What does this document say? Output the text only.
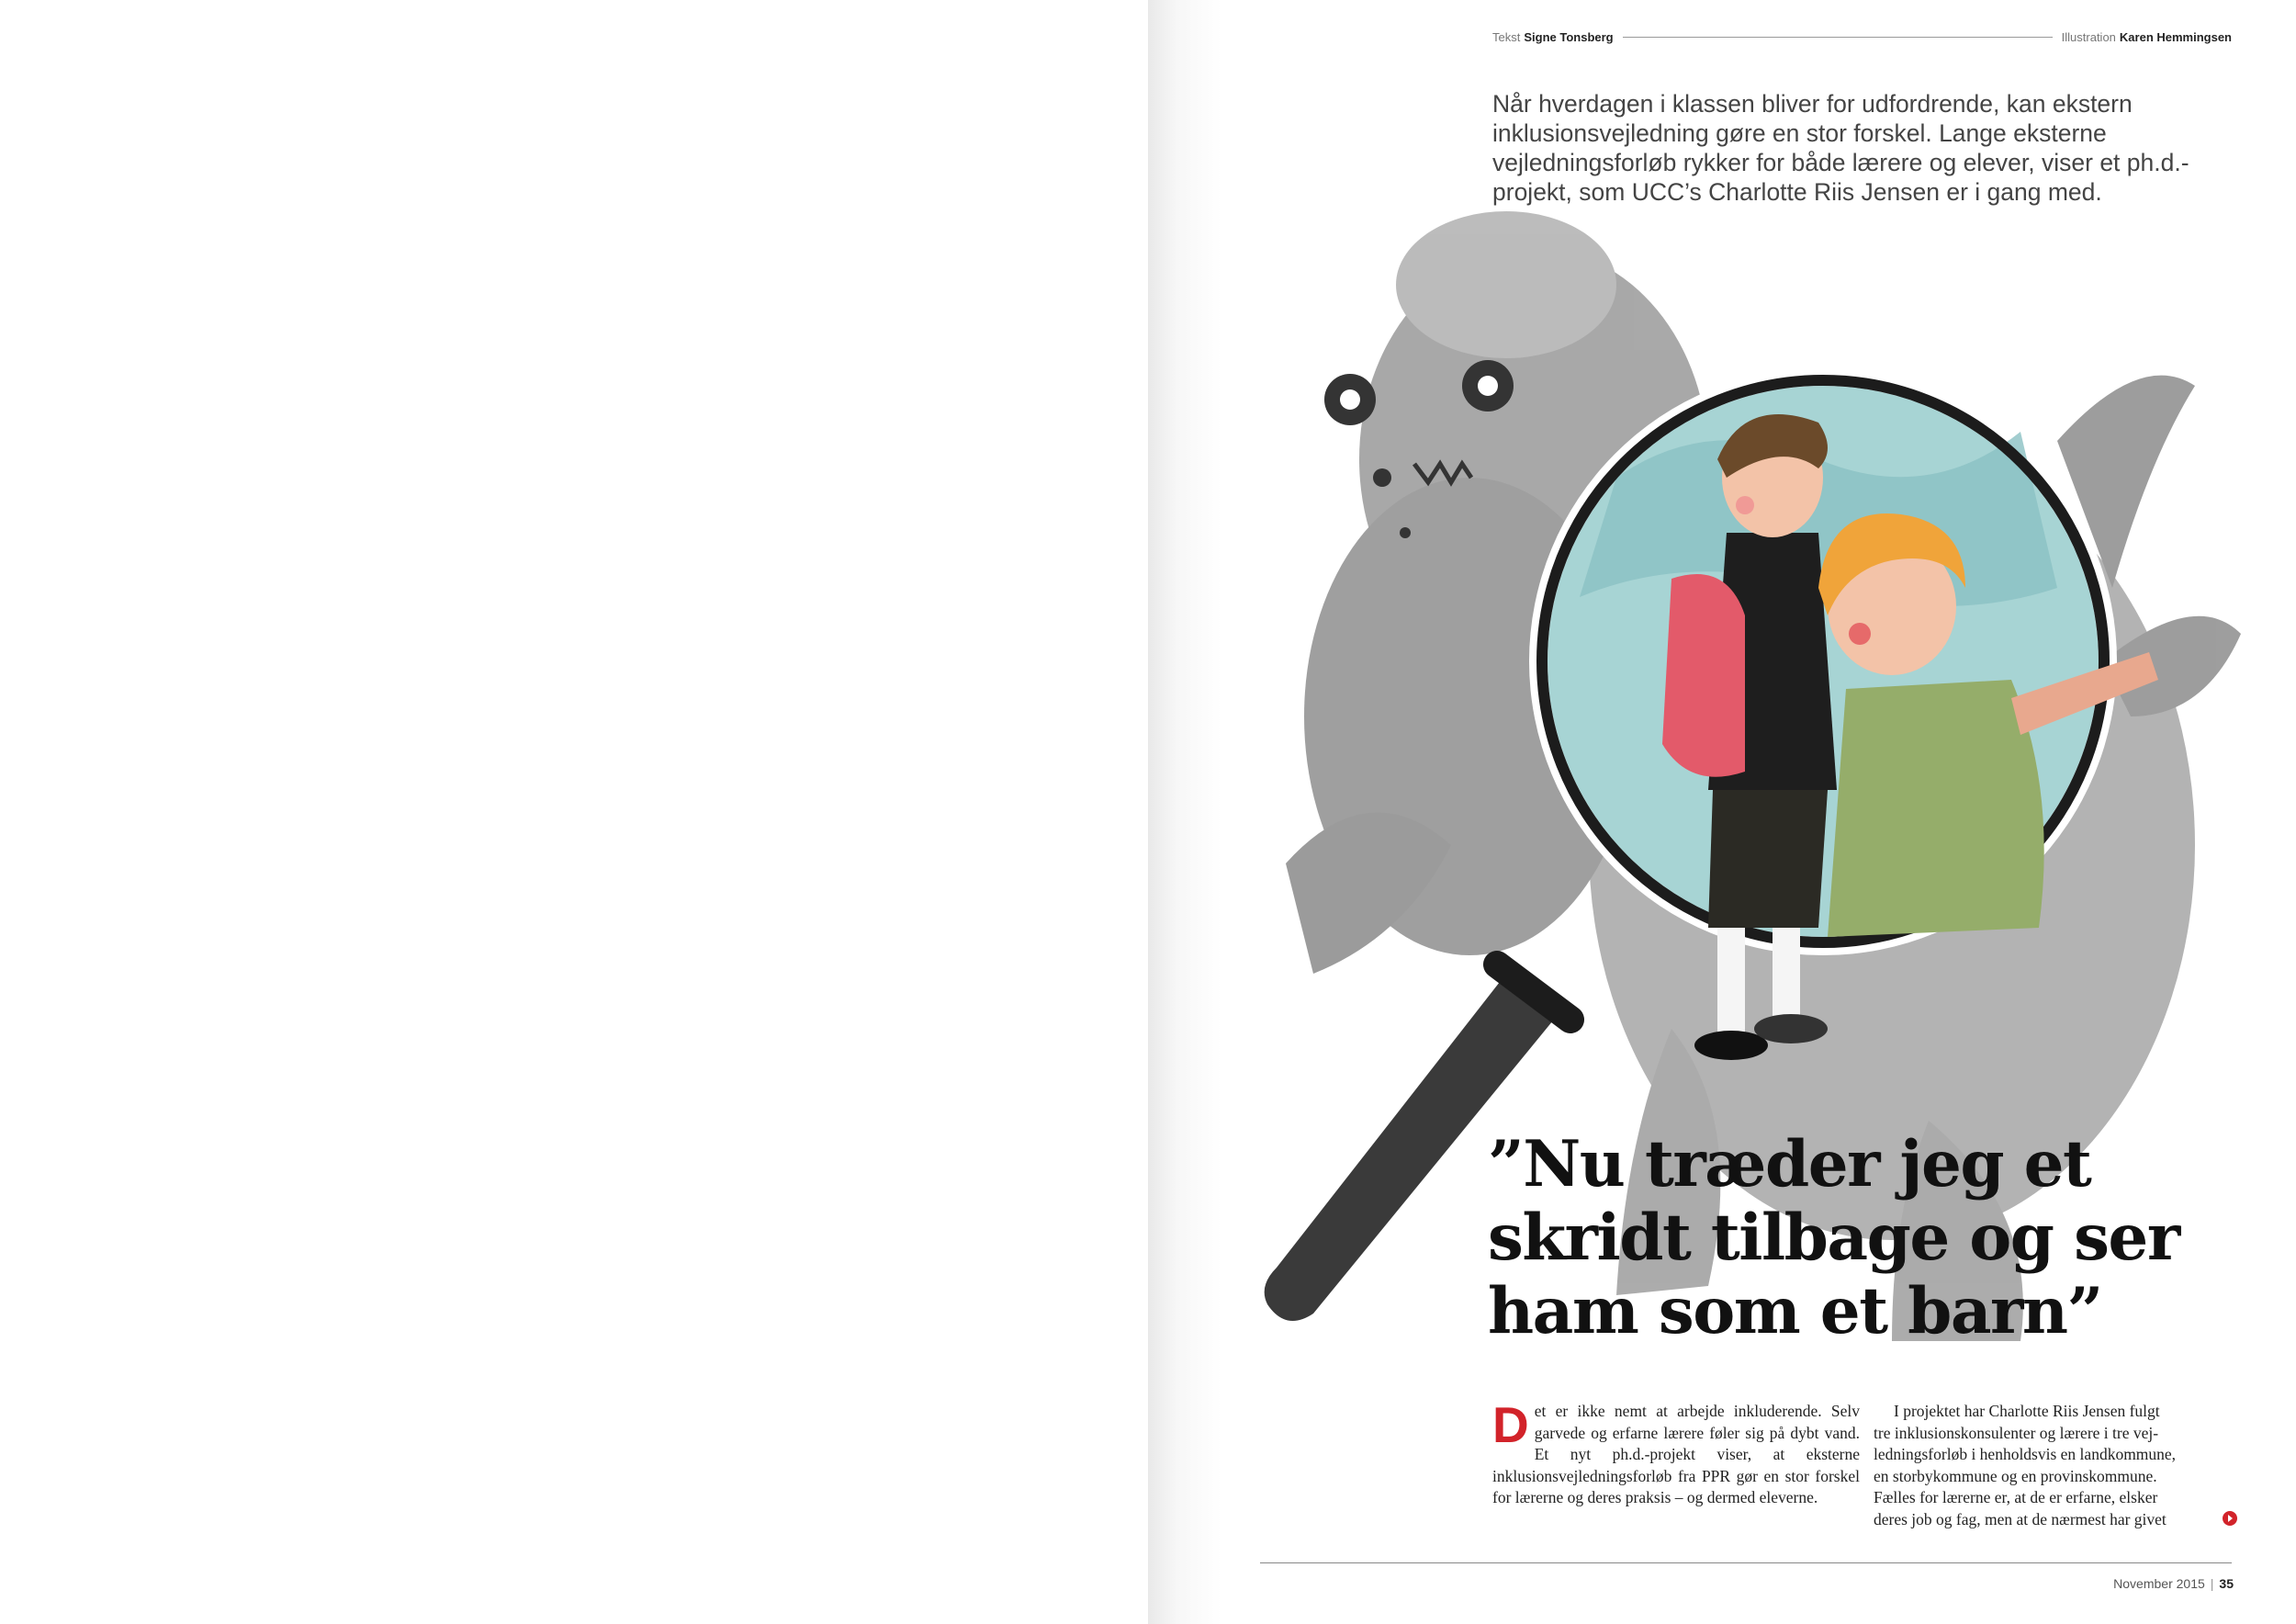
Tekst Signe Tonsberg	Illustration Karen Hemmingsen
Når hverdagen i klassen bliver for udfordrende, kan ekstern inklusionsvejledning gøre en stor forskel. Lange eksterne vejledningsforløb rykker for både lærere og elever, viser et ph.d.-projekt, som UCC’s Charlotte Riis Jensen er i gang med.
”Nu træder jeg et
skridt tilbage og ser
ham som et barn”
D et er ikke nemt at arbejde inkluderende. Selv garvede og erfarne lærere føler sig på dybt vand. Et nyt ph.d.-projekt viser, at eksterne inklusionsvejledningsforløb fra PPR gør en stor forskel for lærerne og deres praksis – og dermed eleverne.
I projektet har Charlotte Riis Jensen fulgt
tre inklusionskonsulenter og lærere i tre vej-
ledningsforløb i henholdsvis en landkommune,
en storbykommune og en provinskommune.
Fælles for lærerne er, at de er erfarne, elsker
deres job og fag, men at de nærmest har givet
November 2015 | 35
